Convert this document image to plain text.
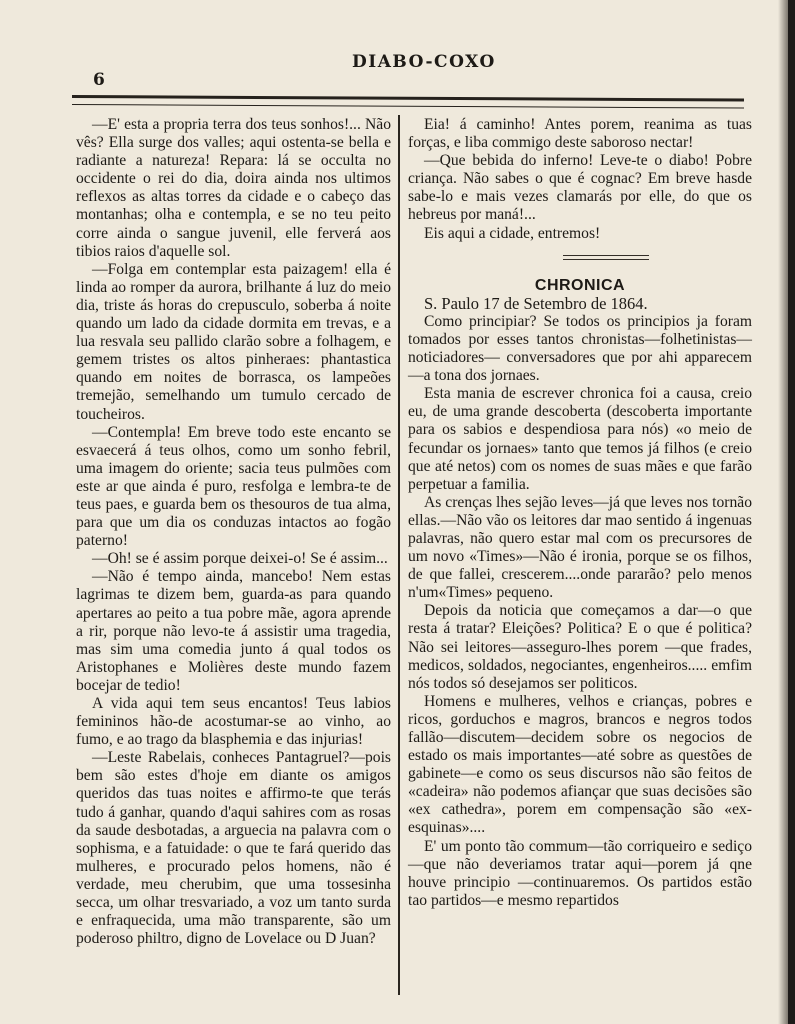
6
DIABO-COXO

—E' esta a propria terra dos teus sonhos!... Não vês? Ella surge dos valles; aqui ostenta-se bella e radiante a natureza! Repara: lá se occulta no occidente o rei do dia, doira ainda nos ultimos reflexos as altas torres da cidade e o cabeço das montanhas; olha e contempla, e se no teu peito corre ainda o sangue juvenil, elle ferverá aos tibios raios d'aquelle sol.

—Folga em contemplar esta paizagem! ella é linda ao romper da aurora, brilhante á luz do meio dia, triste ás horas do crepusculo, soberba á noite quando um lado da cidade dormita em trevas, e a lua resvala seu pallido clarão sobre a folhagem, e gemem tristes os altos pinheraes: phantastica quando em noites de borrasca, os lampeões tremejão, semelhando um tumulo cercado de toucheiros.

—Contempla! Em breve todo este encanto se esvaecerá á teus olhos, como um sonho febril, uma imagem do oriente; sacia teus pulmões com este ar que ainda é puro, resfolga e lembra-te de teus paes, e guarda bem os thesouros de tua alma, para que um dia os conduzas intactos ao fogão paterno!

—Oh! se é assim porque deixei-o! Se é assim...

—Não é tempo ainda, mancebo! Nem estas lagrimas te dizem bem, guarda-as para quando apertares ao peito a tua pobre mãe, agora aprende a rir, porque não levo-te á assistir uma tragedia, mas sim uma comedia junto á qual todos os Aristophanes e Molières deste mundo fazem bocejar de tedio!

A vida aqui tem seus encantos! Teus labios femininos hão-de acostumar-se ao vinho, ao fumo, e ao trago da blasphemia e das injurias!

—Leste Rabelais, conheces Pantagruel?—pois bem são estes d'hoje em diante os amigos queridos das tuas noites e affirmo-te que terás tudo á ganhar, quando d'aqui sahires com as rosas da saude desbotadas, a arguecia na palavra com o sophisma, e a fatuidade: o que te fará querido das mulheres, e procurado pelos homens, não é verdade, meu cherubim, que uma tossesinha secca, um olhar tresvariado, a voz um tanto surda e enfraquecida, uma mão transparente, são um poderoso philtro, digno de Lovelace ou D Juan?

Eia! á caminho! Antes porem, reanima as tuas forças, e liba commigo deste saboroso nectar!

—Que bebida do inferno! Leve-te o diabo! Pobre criança. Não sabes o que é cognac? Em breve hasde sabe-lo e mais vezes clamarás por elle, do que os hebreus por maná!...

Eis aqui a cidade, entremos!

CHRONICA

S. Paulo 17 de Setembro de 1864.

Como principiar? Se todos os principios ja foram tomados por esses tantos chronistas—folhetinistas— noticiadores— conversadores que por ahi apparecem—a tona dos jornaes.

Esta mania de escrever chronica foi a causa, creio eu, de uma grande descoberta (descoberta importante para os sabios e despendiosa para nós) «o meio de fecundar os jornaes» tanto que temos já filhos (e creio que até netos) com os nomes de suas mães e que farão perpetuar a familia.

As crenças lhes sejão leves—já que leves nos tornão ellas.—Não vão os leitores dar mao sentido á ingenuas palavras, não quero estar mal com os precursores de um novo «Times»—Não é ironia, porque se os filhos, de que fallei, crescerem....onde pararão? pelo menos n'um«Times» pequeno.

Depois da noticia que começamos a dar—o que resta á tratar? Eleições? Politica? E o que é politica? Não sei leitores—asseguro-lhes porem —que frades, medicos, soldados, negociantes, engenheiros..... emfim nós todos só desejamos ser politicos.

Homens e mulheres, velhos e crianças, pobres e ricos, gorduchos e magros, brancos e negros todos fallão—discutem—decidem sobre os negocios de estado os mais importantes—até sobre as questões de gabinete—e como os seus discursos não são feitos de «cadeira» não podemos afiançar que suas decisões são «ex cathedra», porem em compensação são «ex-esquinas»....

E' um ponto tão commum—tão corriqueiro e sediço—que não deveriamos tratar aqui—porem já qne houve principio —continuaremos. Os partidos estão tao partidos—e mesmo repartidos
